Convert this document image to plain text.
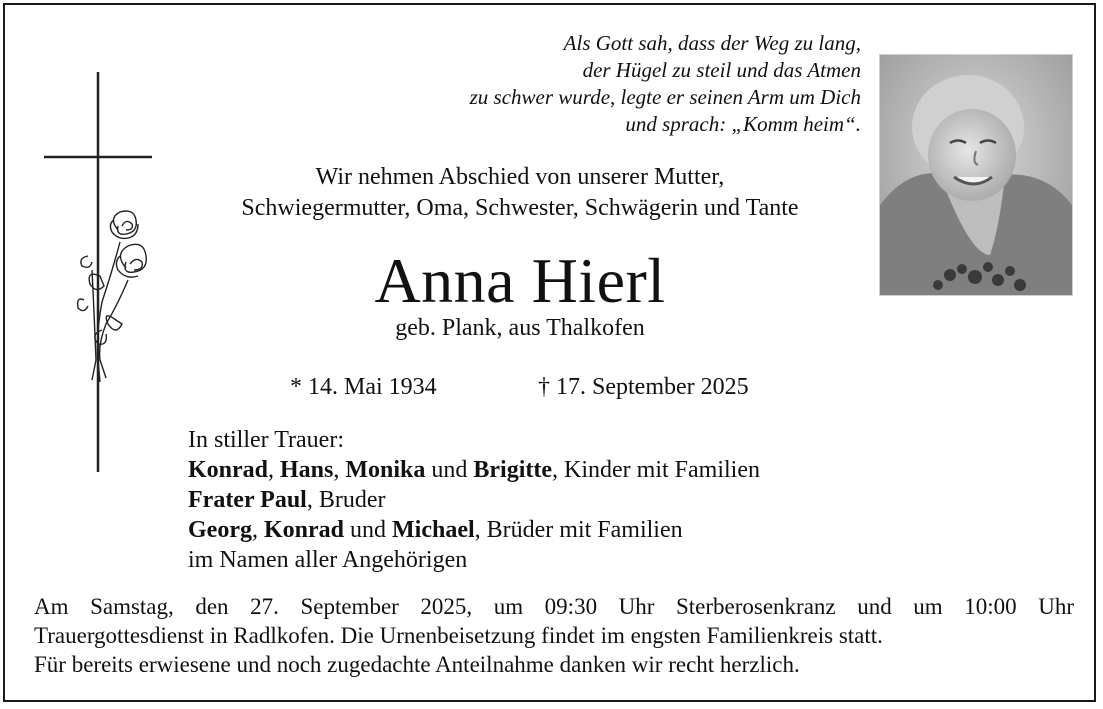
Als Gott sah, dass der Weg zu lang,
der Hügel zu steil und das Atmen
zu schwer wurde, legte er seinen Arm um Dich
und sprach: „Komm heim“.
Wir nehmen Abschied von unserer Mutter,
Schwiegermutter, Oma, Schwester, Schwägerin und Tante
Anna Hierl
geb. Plank, aus Thalkofen
* 14. Mai 1934	† 17. September 2025
In stiller Trauer:
Konrad, Hans, Monika und Brigitte, Kinder mit Familien
Frater Paul, Bruder
Georg, Konrad und Michael, Brüder mit Familien
im Namen aller Angehörigen
Am Samstag, den 27. September 2025, um 09:30 Uhr Sterberosenkranz und um 10:00 Uhr
Trauergottesdienst in Radlkofen. Die Urnenbeisetzung findet im engsten Familienkreis statt.
Für bereits erwiesene und noch zugedachte Anteilnahme danken wir recht herzlich.
